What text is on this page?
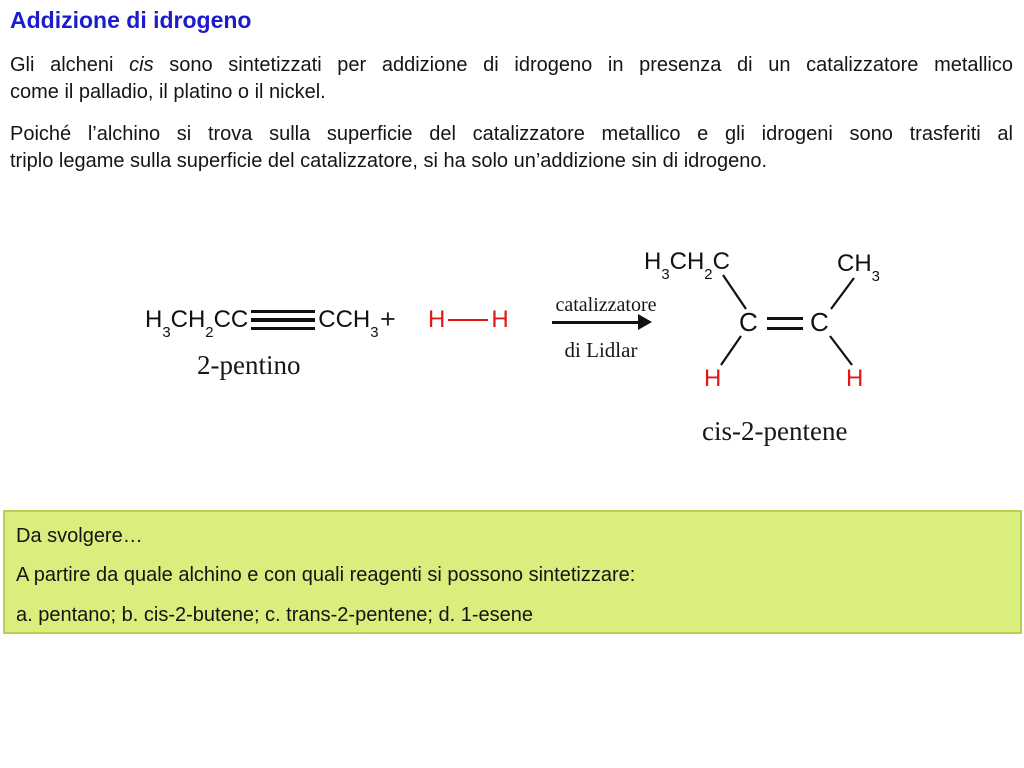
Addizione di idrogeno
Gli alcheni cis sono sintetizzati per addizione di idrogeno in presenza di un catalizzatore metallico
come il palladio, il platino o il nickel.
Poiché l’alchino si trova sulla superficie del catalizzatore metallico e gli idrogeni sono trasferiti al
triplo legame sulla superficie del catalizzatore, si ha solo un’addizione sin di idrogeno.
$H_3CH_2CC$	$CCH_3$
2-pentino
+ H H
catalizzatore
di Lidlar
$H_3CH_2C$	$CH_3$
C C
H	H
cis-2-pentene
Da svolgere…
A partire da quale alchino e con quali reagenti si possono sintetizzare:
a. pentano; b. cis-2-butene; c. trans-2-pentene; d. 1-esene
